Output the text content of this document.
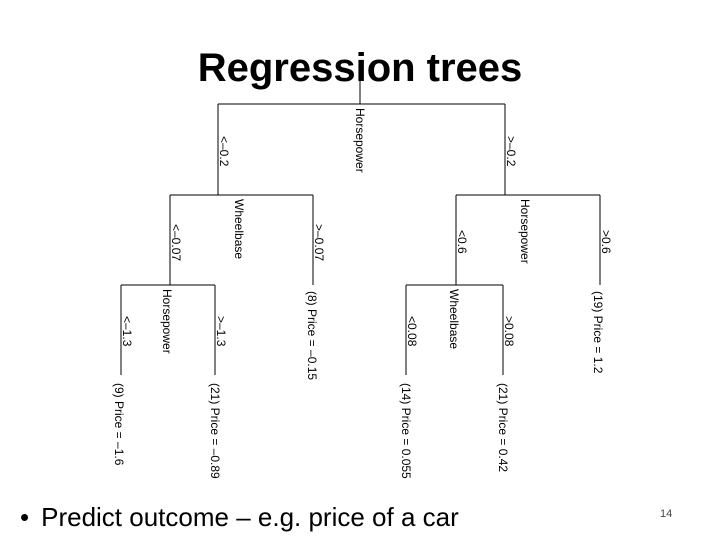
Regression trees
Horsepower
Wheelbase	Horsepower
Horsepower	Wheelbase
<–0.2	>–0.2
<–0.07	>–0.07	<0.6	>0.6
<–1.3	>–1.3	<0.08	>0.08
(9) Price = –1.6	(21) Price = –0.89
(8) Price = –0.15
(14) Price = 0.055	(21) Price = 0.42
(19) Price = 1.2
• Predict outcome – e.g. price of a car	14
